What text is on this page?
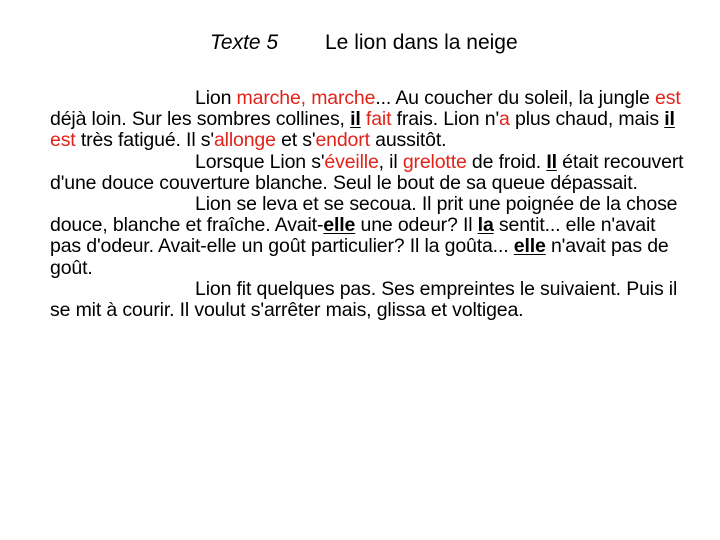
Texte 5 Le lion dans la neige

Lion marche, marche... Au coucher du soleil, la jungle est déjà loin. Sur les sombres collines, il fait frais. Lion n'a plus chaud, mais il est très fatigué. Il s'allonge et s'endort aussitôt.

Lorsque Lion s'éveille, il grelotte de froid. Il était recouvert d'une douce couverture blanche. Seul le bout de sa queue dépassait.

Lion se leva et se secoua. Il prit une poignée de la chose douce, blanche et fraîche. Avait-elle une odeur? Il la sentit... elle n'avait pas d'odeur. Avait-elle un goût particulier? Il la goûta... elle n'avait pas de goût.

Lion fit quelques pas. Ses empreintes le suivaient. Puis il se mit à courir. Il voulut s'arrêter mais, glissa et voltigea.
